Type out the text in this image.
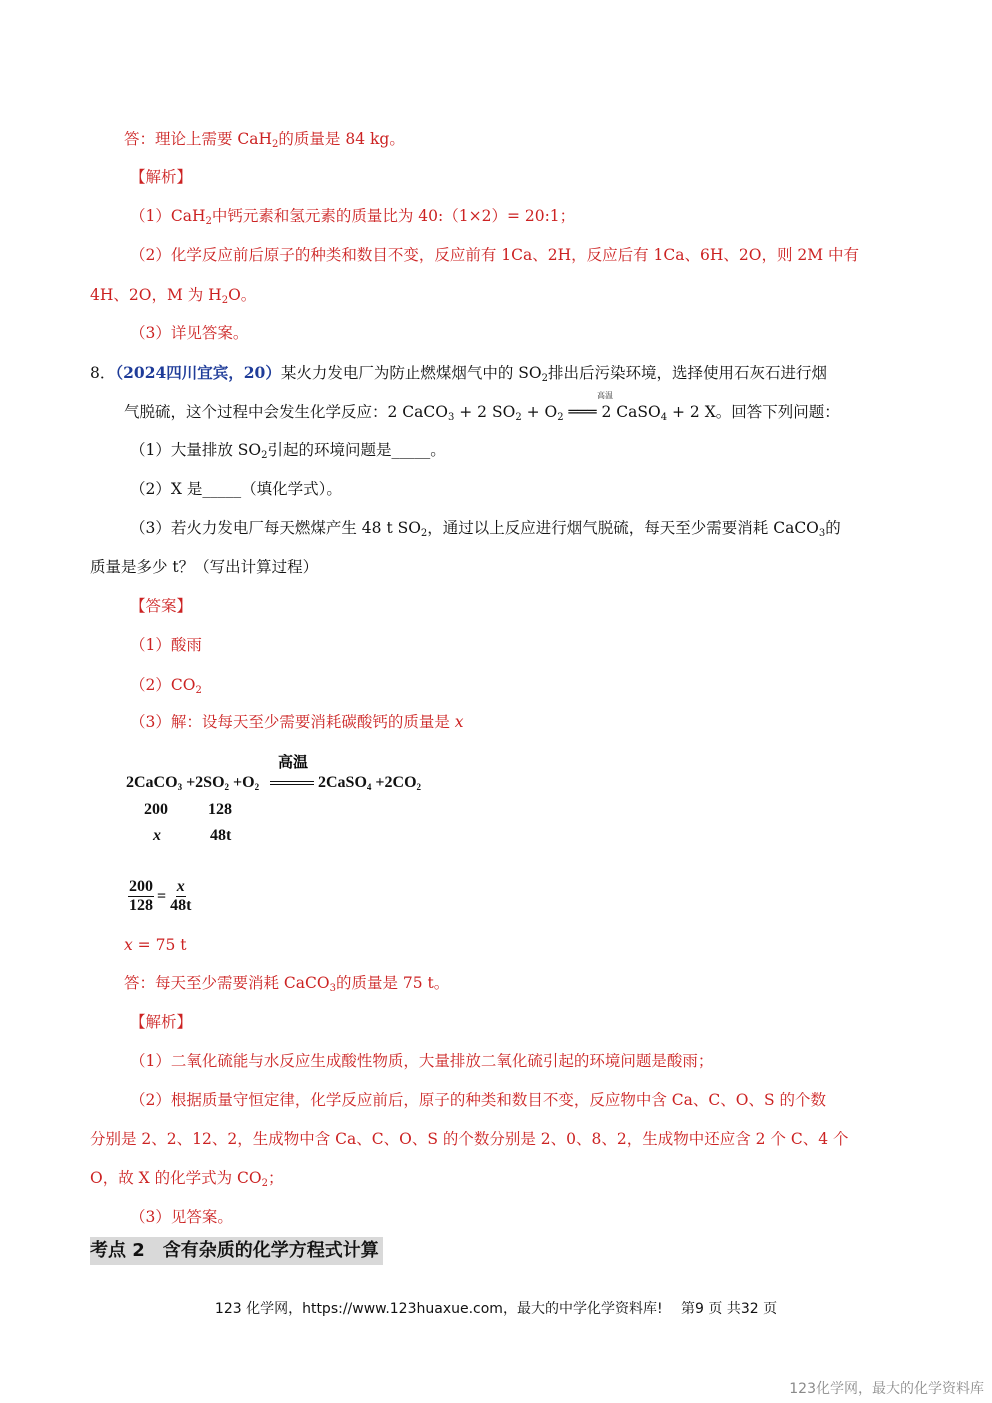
答：理论上需要 CaH$_2$的质量是 84 kg。
【解析】
（1）CaH$_2$中钙元素和氢元素的质量比为 40:（1×2）= 20:1；
（2）化学反应前后原子的种类和数目不变，反应前有 1Ca、2H，反应后有 1Ca、6H、2O，则 2M 中有
4H、2O，M 为 $H_2O$。
（3）详见答案。
8．（2024四川宜宾，20）某火力发电厂为防止燃煤烟气中的 $SO_2$排出后污染环境，选择使用石灰石进行烟
气脱硫，这个过程中会发生化学反应：2 CaCO$_3$ + 2 $SO_2 + O_2$ ═══ 2 CaSO$_4$ + 2 X。回答下列问题：
（1）大量排放 $SO_2$引起的环境问题是_____。
（2）X 是_____（填化学式）。
（3）若火力发电厂每天燃煤产生 48 t $SO_2$，通过以上反应进行烟气脱硫，每天至少需要消耗 CaCO$_3$的
质量是多少 t？（写出计算过程）
【答案】
（1）酸雨
$(2)CO_2$
（3）解：设每天至少需要消耗碳酸钙的质量是 x
x = 75 t
答：每天至少需要消耗 CaCO$_3$的质量是 75 t。
【解析】
（1）二氧化硫能与水反应生成酸性物质，大量排放二氧化硫引起的环境问题是酸雨；
（2）根据质量守恒定律，化学反应前后，原子的种类和数目不变，反应物中含 Ca、C、O、S 的个数
分别是 2、2、12、2，生成物中含 Ca、C、O、S 的个数分别是 2、0、8、2，生成物中还应含 2 个 C、4 个
O，故 X 的化学式为 $CO_2$；
（3）见答案。
高温
2CaCO$_3$ $+2SO_2 +O_2$
高温
2CaSO$_4$ $+2CO_2$
200	128
x	48t
$\frac{200}{128} = \frac{x}{48t}$
考点 2　含有杂质的化学方程式计算
123 化学网，https://www.123huaxue.com，最大的中学化学资料库!　 第9 页 共32 页
123化学网，最大的化学资料库
